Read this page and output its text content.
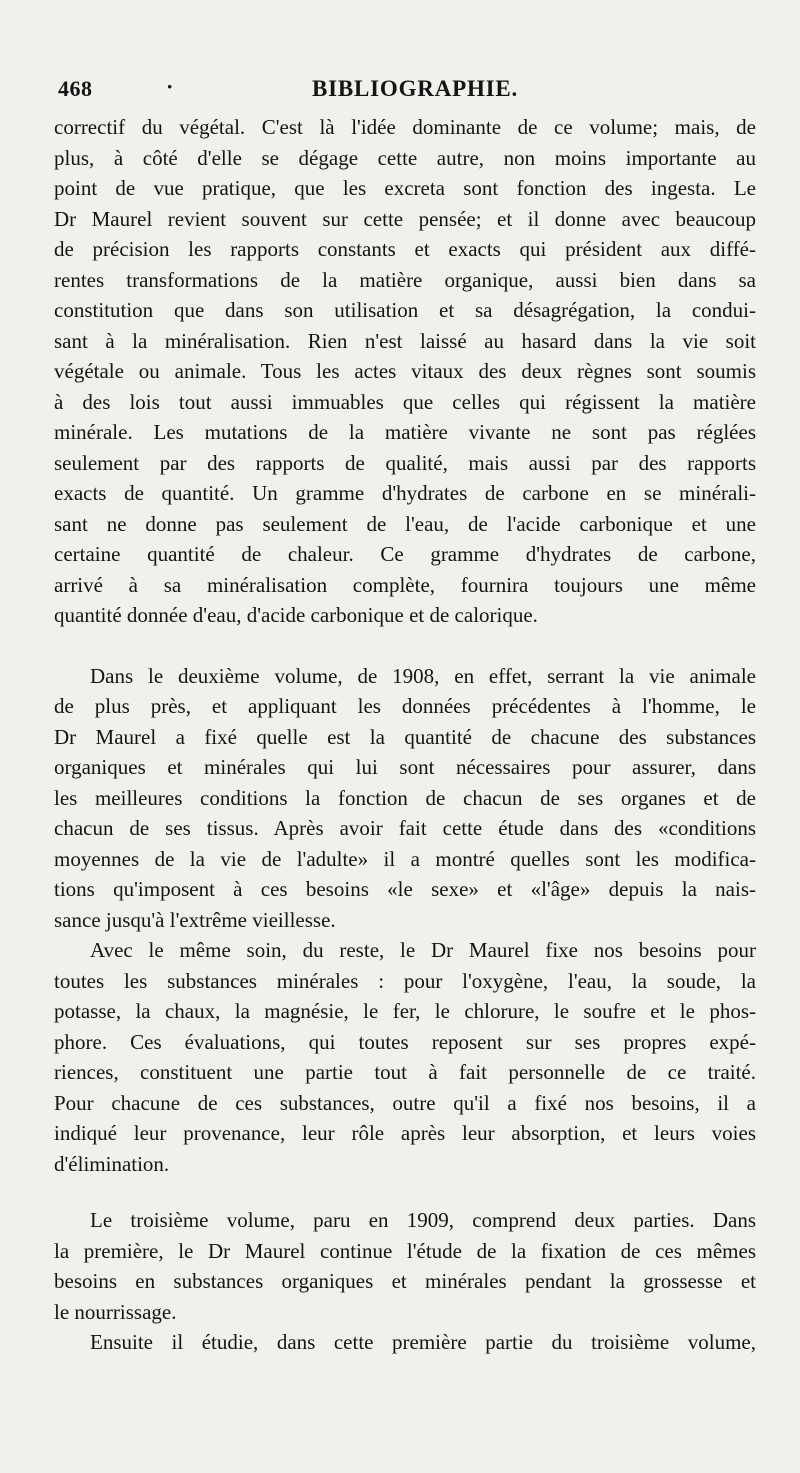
468	·	BIBLIOGRAPHIE.
correctif du végétal. C'est là l'idée dominante de ce volume; mais, de
plus, à côté d'elle se dégage cette autre, non moins importante au
point de vue pratique, que les excreta sont fonction des ingesta. Le
Dr Maurel revient souvent sur cette pensée; et il donne avec beaucoup
de précision les rapports constants et exacts qui président aux diffé-
rentes transformations de la matière organique, aussi bien dans sa
constitution que dans son utilisation et sa désagrégation, la condui-
sant à la minéralisation. Rien n'est laissé au hasard dans la vie soit
végétale ou animale. Tous les actes vitaux des deux règnes sont soumis
à des lois tout aussi immuables que celles qui régissent la matière
minérale. Les mutations de la matière vivante ne sont pas réglées
seulement par des rapports de qualité, mais aussi par des rapports
exacts de quantité. Un gramme d'hydrates de carbone en se minérali-
sant ne donne pas seulement de l'eau, de l'acide carbonique et une
certaine quantité de chaleur. Ce gramme d'hydrates de carbone,
arrivé à sa minéralisation complète, fournira toujours une même
quantité donnée d'eau, d'acide carbonique et de calorique.
Dans le deuxième volume, de 1908, en effet, serrant la vie animale
de plus près, et appliquant les données précédentes à l'homme, le
Dr Maurel a fixé quelle est la quantité de chacune des substances
organiques et minérales qui lui sont nécessaires pour assurer, dans
les meilleures conditions la fonction de chacun de ses organes et de
chacun de ses tissus. Après avoir fait cette étude dans des «conditions
moyennes de la vie de l'adulte» il a montré quelles sont les modifica-
tions qu'imposent à ces besoins «le sexe» et «l'âge» depuis la nais-
sance jusqu'à l'extrême vieillesse.
Avec le même soin, du reste, le Dr Maurel fixe nos besoins pour
toutes les substances minérales : pour l'oxygène, l'eau, la soude, la
potasse, la chaux, la magnésie, le fer, le chlorure, le soufre et le phos-
phore. Ces évaluations, qui toutes reposent sur ses propres expé-
riences, constituent une partie tout à fait personnelle de ce traité.
Pour chacune de ces substances, outre qu'il a fixé nos besoins, il a
indiqué leur provenance, leur rôle après leur absorption, et leurs voies
d'élimination.
Le troisième volume, paru en 1909, comprend deux parties. Dans
la première, le Dr Maurel continue l'étude de la fixation de ces mêmes
besoins en substances organiques et minérales pendant la grossesse et
le nourrissage.
Ensuite il étudie, dans cette première partie du troisième volume,
